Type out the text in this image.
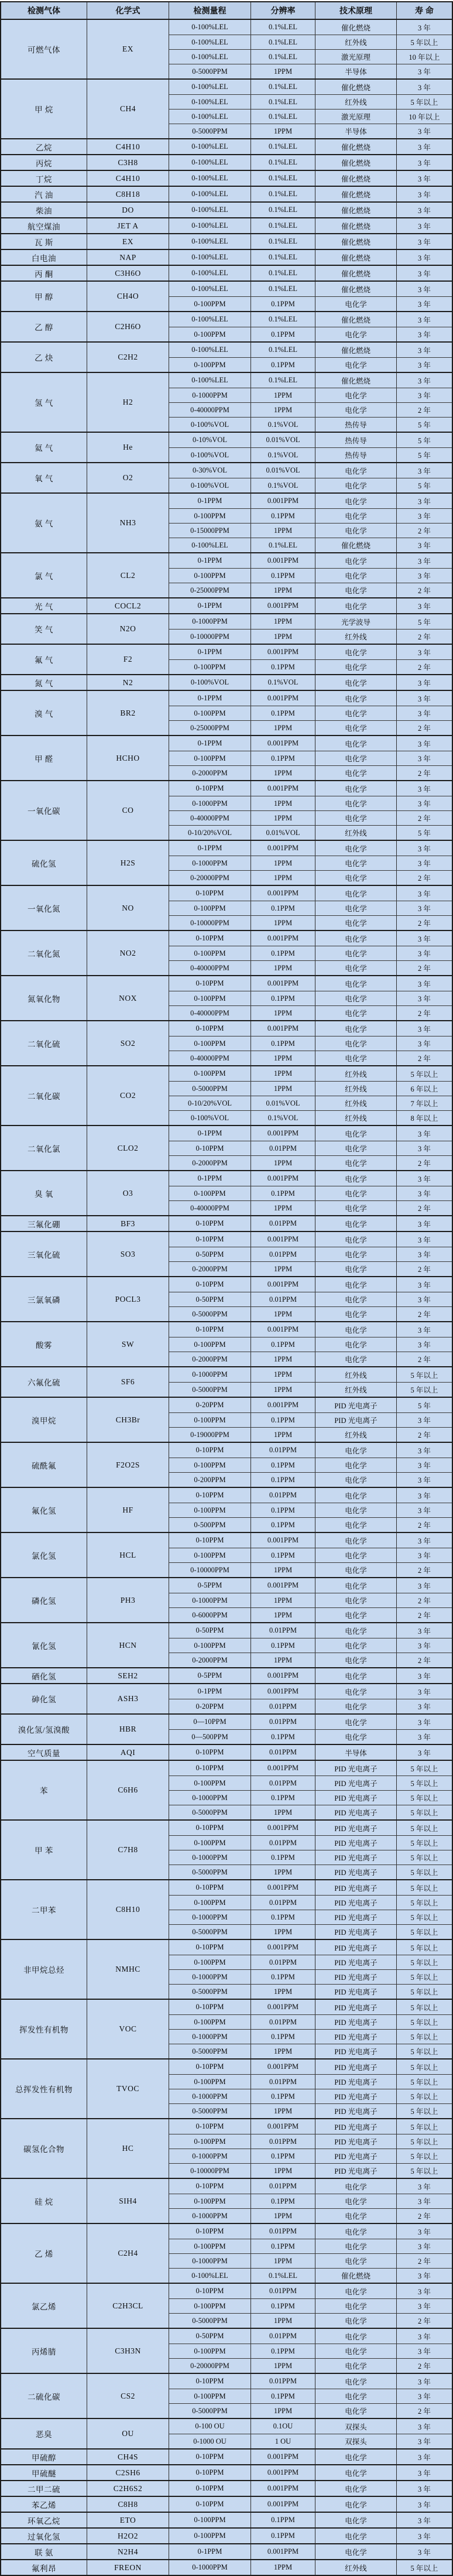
检测气体	化学式	检测量程	分辨率	技术原理	寿 命
可燃气体	EX
0-100%LEL	0.1%LEL	催化燃烧	3 年
0-100%LEL	0.1%LEL	红外线	5 年以上
0-100%LEL	0.1%LEL	激光原理	10 年以上
0-5000PPM	1PPM	半导体	3 年
甲 烷	CH4
0-100%LEL	0.1%LEL	催化燃烧	3 年
0-100%LEL	0.1%LEL	红外线	5 年以上
0-100%LEL	0.1%LEL	激光原理	10 年以上
0-5000PPM	1PPM	半导体	3 年
乙烷	C4H10	0-100%LEL	0.1%LEL	催化燃烧	3 年
丙烷	C3H8	0-100%LEL	0.1%LEL	催化燃烧	3 年
丁烷	C4H10	0-100%LEL	0.1%LEL	催化燃烧	3 年
汽 油	C8H18	0-100%LEL	0.1%LEL	催化燃烧	3 年
柴油	DO	0-100%LEL	0.1%LEL	催化燃烧	3 年
航空煤油	JET A	0-100%LEL	0.1%LEL	催化燃烧	3 年
瓦 斯	EX	0-100%LEL	0.1%LEL	催化燃烧	3 年
白电油	NAP	0-100%LEL	0.1%LEL	催化燃烧	3 年
丙 酮	C3H6O	0-100%LEL	0.1%LEL	催化燃烧	3 年
甲 醇	CH4O
0-100%LEL	0.1%LEL	催化燃烧	3 年
0-100PPM	0.1PPM	电化学	3 年
乙 醇	C2H6O
0-100%LEL	0.1%LEL	催化燃烧	3 年
0-100PPM	0.1PPM	电化学	3 年
乙 炔	C2H2
0-100%LEL	0.1%LEL	催化燃烧	3 年
0-100PPM	0.1PPM	电化学	3 年
氢 气	H2
0-100%LEL	0.1%LEL	催化燃烧	3 年
0-1000PPM	1PPM	电化学	3 年
0-40000PPM	1PPM	电化学	2 年
0-100%VOL	0.1%VOL	热传导	5 年
氦 气	He
0-10%VOL	0.01%VOL	热传导	5 年
0-100%VOL	0.1%VOL	热传导	5 年
氧 气	O2
0-30%VOL	0.01%VOL	电化学	3 年
0-100%VOL	0.1%VOL	电化学	5 年
氨 气	NH3
0-1PPM	0.001PPM	电化学	3 年
0-100PPM	0.1PPM	电化学	3 年
0-15000PPM	1PPM	电化学	2 年
0-100%LEL	0.1%LEL	催化燃烧	3 年
氯 气	CL2
0-1PPM	0.001PPM	电化学	3 年
0-100PPM	0.1PPM	电化学	3 年
0-25000PPM	1PPM	电化学	2 年
光 气	COCL2	0-1PPM	0.001PPM	电化学	3 年
笑 气	N2O
0-1000PPM	1PPM	光学波导	5 年
0-10000PPM	1PPM	红外线	2 年
氟 气	F2
0-1PPM	0.001PPM	电化学	3 年
0-100PPM	0.1PPM	电化学	2 年
氮 气	N2	0-100%VOL	0.1%VOL	电化学	3 年
溴 气	BR2
0-1PPM	0.001PPM	电化学	3 年
0-100PPM	0.1PPM	电化学	3 年
0-25000PPM	1PPM	电化学	2 年
甲 醛	HCHO
0-1PPM	0.001PPM	电化学	3 年
0-100PPM	0.1PPM	电化学	3 年
0-2000PPM	1PPM	电化学	2 年
一氧化碳	CO
0-10PPM	0.001PPM	电化学	3 年
0-1000PPM	1PPM	电化学	3 年
0-40000PPM	1PPM	电化学	2 年
0-10/20%VOL	0.01%VOL	红外线	5 年
硫化氢	H2S
0-1PPM	0.001PPM	电化学	3 年
0-1000PPM	1PPM	电化学	3 年
0-20000PPM	1PPM	电化学	2 年
一氧化氮	NO
0-10PPM	0.001PPM	电化学	3 年
0-100PPM	0.1PPM	电化学	3 年
0-10000PPM	1PPM	电化学	2 年
二氧化氮	NO2
0-10PPM	0.001PPM	电化学	3 年
0-100PPM	0.1PPM	电化学	3 年
0-40000PPM	1PPM	电化学	2 年
氮氧化物	NOX
0-10PPM	0.001PPM	电化学	3 年
0-100PPM	0.1PPM	电化学	3 年
0-40000PPM	1PPM	电化学	2 年
二氧化硫	SO2
0-10PPM	0.001PPM	电化学	3 年
0-100PPM	0.1PPM	电化学	3 年
0-40000PPM	1PPM	电化学	2 年
二氧化碳	CO2
0-100PPM	1PPM	红外线	5 年以上
0-5000PPM	1PPM	红外线	6 年以上
0-10/20%VOL	0.01%VOL	红外线	7 年以上
0-100%VOL	0.1%VOL	红外线	8 年以上
二氧化氯	CLO2
0-1PPM	0.001PPM	电化学	3 年
0-10PPM	0.01PPM	电化学	3 年
0-2000PPM	1PPM	电化学	2 年
臭 氧	O3
0-1PPM	0.001PPM	电化学	3 年
0-100PPM	0.1PPM	电化学	3 年
0-40000PPM	1PPM	电化学	2 年
三氟化硼	BF3	0-10PPM	0.01PPM	电化学	3 年
三氧化硫	SO3
0-10PPM	0.001PPM	电化学	3 年
0-50PPM	0.01PPM	电化学	3 年
0-2000PPM	1PPM	电化学	2 年
三氯氧磷	POCL3
0-10PPM	0.001PPM	电化学	3 年
0-50PPM	0.01PPM	电化学	3 年
0-5000PPM	1PPM	电化学	2 年
酸雾	SW
0-10PPM	0.001PPM	电化学	3 年
0-100PPM	0.1PPM	电化学	3 年
0-2000PPM	1PPM	电化学	2 年
六氟化硫	SF6
0-1000PPM	1PPM	红外线	5 年以上
0-5000PPM	1PPM	红外线	5 年以上
溴甲烷	CH3Br
0-20PPM	0.001PPM	PID 光电离子	5 年
0-100PPM	0.1PPM	PID 光电离子	3 年
0-19000PPM	1PPM	红外线	2 年
硫酰氟	F2O2S
0-10PPM	0.01PPM	电化学	3 年
0-100PPM	0.1PPM	电化学	3 年
0-200PPM	0.1PPM	电化学	3 年
氟化氢	HF
0-10PPM	0.01PPM	电化学	3 年
0-100PPM	0.1PPM	电化学	3 年
0-500PPM	0.1PPM	电化学	2 年
氯化氢	HCL
0-10PPM	0.001PPM	电化学	3 年
0-100PPM	0.1PPM	电化学	3 年
0-10000PPM	1PPM	电化学	2 年
磷化氢	PH3
0-5PPM	0.001PPM	电化学	3 年
0-1000PPM	1PPM	电化学	2 年
0-6000PPM	1PPM	电化学	2 年
氰化氢	HCN
0-50PPM	0.01PPM	电化学	3 年
0-100PPM	0.1PPM	电化学	3 年
0-2000PPM	1PPM	电化学	2 年
硒化氢	SEH2	0-5PPM	0.001PPM	电化学	3 年
砷化氢	ASH3
0-1PPM	0.001PPM	电化学	3 年
0-20PPM	0.01PPM	电化学	3 年
溴化氢/氢溴酸	HBR
0—10PPM	0.01PPM	电化学	3 年
0—500PPM	0.1PPM	电化学	3 年
空气质量	AQI	0-10PPM	0.01PPM	半导体	3 年
苯	C6H6
0-10PPM	0.001PPM	PID 光电离子	5 年以上
0-100PPM	0.01PPM	PID 光电离子	5 年以上
0-1000PPM	0.1PPM	PID 光电离子	5 年以上
0-5000PPM	1PPM	PID 光电离子	5 年以上
甲 苯	C7H8
0-10PPM	0.001PPM	PID 光电离子	5 年以上
0-100PPM	0.01PPM	PID 光电离子	5 年以上
0-1000PPM	0.1PPM	PID 光电离子	5 年以上
0-5000PPM	1PPM	PID 光电离子	5 年以上
二甲苯	C8H10
0-10PPM	0.001PPM	PID 光电离子	5 年以上
0-100PPM	0.01PPM	PID 光电离子	5 年以上
0-1000PPM	0.1PPM	PID 光电离子	5 年以上
0-5000PPM	1PPM	PID 光电离子	5 年以上
非甲烷总烃	NMHC
0-10PPM	0.001PPM	PID 光电离子	5 年以上
0-100PPM	0.01PPM	PID 光电离子	5 年以上
0-1000PPM	0.1PPM	PID 光电离子	5 年以上
0-5000PPM	1PPM	PID 光电离子	5 年以上
挥发性有机物	VOC
0-10PPM	0.001PPM	PID 光电离子	5 年以上
0-100PPM	0.01PPM	PID 光电离子	5 年以上
0-1000PPM	0.1PPM	PID 光电离子	5 年以上
0-5000PPM	1PPM	PID 光电离子	5 年以上
总挥发性有机物	TVOC
0-10PPM	0.001PPM	PID 光电离子	5 年以上
0-100PPM	0.01PPM	PID 光电离子	5 年以上
0-1000PPM	0.1PPM	PID 光电离子	5 年以上
0-5000PPM	1PPM	PID 光电离子	5 年以上
碳氢化合物	HC
0-10PPM	0.001PPM	PID 光电离子	5 年以上
0-100PPM	0.01PPM	PID 光电离子	5 年以上
0-1000PPM	0.1PPM	PID 光电离子	5 年以上
0-10000PPM	1PPM	PID 光电离子	5 年以上
硅 烷	SIH4
0-10PPM	0.01PPM	电化学	3 年
0-100PPM	0.1PPM	电化学	3 年
0-1000PPM	1PPM	电化学	2 年
乙 烯	C2H4
0-10PPM	0.01PPM	电化学	3 年
0-100PPM	0.1PPM	电化学	3 年
0-1000PPM	1PPM	电化学	2 年
0-100%LEL	0.1%LEL	催化燃烧	3 年
氯乙烯	C2H3CL
0-10PPM	0.01PPM	电化学	3 年
0-100PPM	0.1PPM	电化学	3 年
0-5000PPM	1PPM	电化学	2 年
丙烯腈	C3H3N
0-50PPM	0.01PPM	电化学	3 年
0-100PPM	0.1PPM	电化学	3 年
0-20000PPM	1PPM	电化学	2 年
二硫化碳	CS2
0-10PPM	0.01PPM	电化学	3 年
0-100PPM	0.1PPM	电化学	3 年
0-5000PPM	1PPM	电化学	2 年
恶臭	OU
0-100 OU	0.1OU	双探头	3 年
0-1000 OU	1 OU	双探头	3 年
甲硫醇	CH4S	0-10PPM	0.001PPM	电化学	3 年
甲硫醚	C2SH6	0-10PPM	0.001PPM	电化学	3 年
二甲二硫	C2H6S2	0-10PPM	0.001PPM	电化学	3 年
苯乙烯	C8H8	0-10PPM	0.001PPM	电化学	3 年
环氧乙烷	ETO	0-100PPM	0.1PPM	电化学	3 年
过氧化氢	H2O2	0-100PPM	0.1PPM	电化学	3 年
联 氨	N2H4	0-1PPM	0.001PPM	电化学	3 年
氟利昂	FREON	0-1000PPM	1PPM	红外线	5 年以上
